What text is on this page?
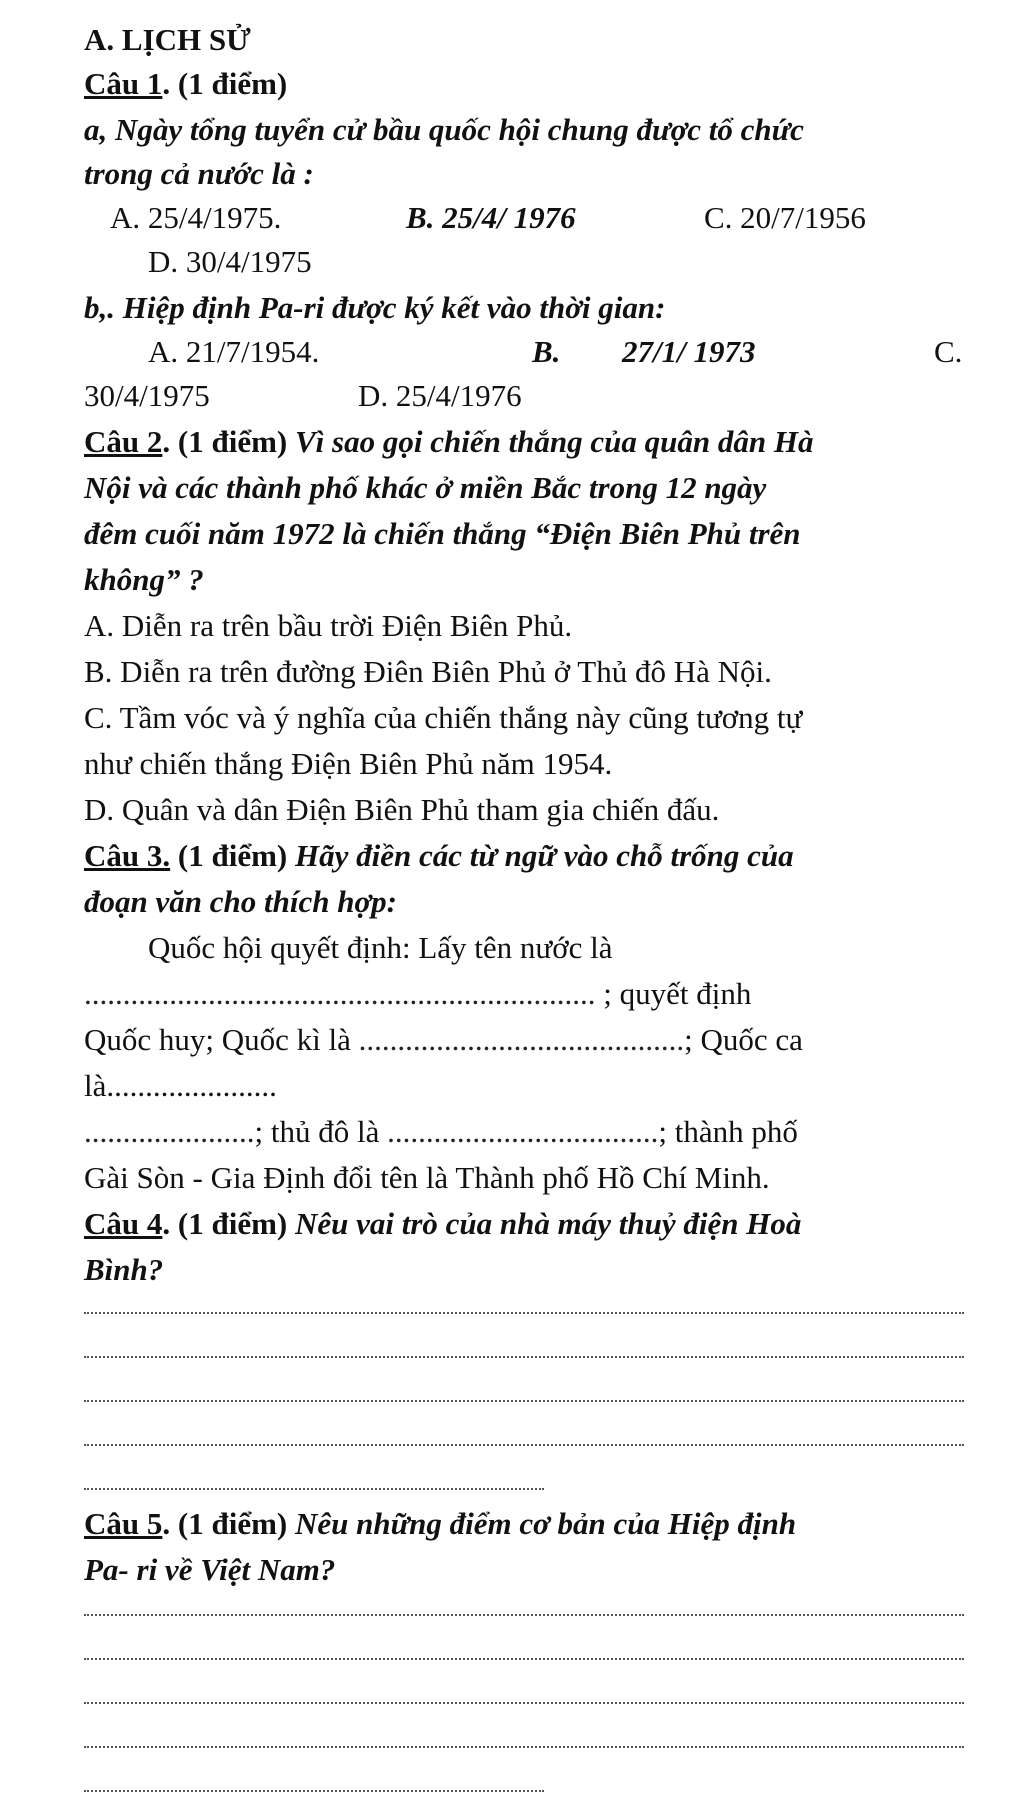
A. LỊCH SỬ
Câu 1. (1 điểm)
a, Ngày tổng tuyển cử bầu quốc hội chung được tổ chức
trong cả nước là :
A. 25/4/1975.	B. 25/4/ 1976	C. 20/7/1956
D. 30/4/1975
b,. Hiệp định Pa-ri được ký kết vào thời gian:
A. 21/7/1954.	B. 27/1/ 1973	C.
30/4/1975	D. 25/4/1976
Câu 2. (1 điểm) Vì sao gọi chiến thắng của quân dân Hà
Nội và các thành phố khác ở miền Bắc trong 12 ngày
đêm cuối năm 1972 là chiến thắng “Điện Biên Phủ trên
không” ?
A. Diễn ra trên bầu trời Điện Biên Phủ.
B. Diễn ra trên đường Điên Biên Phủ ở Thủ đô Hà Nội.
C. Tầm vóc và ý nghĩa của chiến thắng này cũng tương tự
như chiến thắng Điện Biên Phủ năm 1954.
D. Quân và dân Điện Biên Phủ tham gia chiến đấu.
Câu 3. (1 điểm) Hãy điền các từ ngữ vào chỗ trống của
đoạn văn cho thích hợp:
Quốc hội quyết định: Lấy tên nước là
.................................................................. ; quyết định
Quốc huy; Quốc kì là ..........................................; Quốc ca
là......................
......................; thủ đô là ...................................; thành phố
Gài Sòn - Gia Định đổi tên là Thành phố Hồ Chí Minh.
Câu 4. (1 điểm) Nêu vai trò của nhà máy thuỷ điện Hoà
Bình?
Câu 5. (1 điểm) Nêu những điểm cơ bản của Hiệp định
Pa- ri về Việt Nam?
